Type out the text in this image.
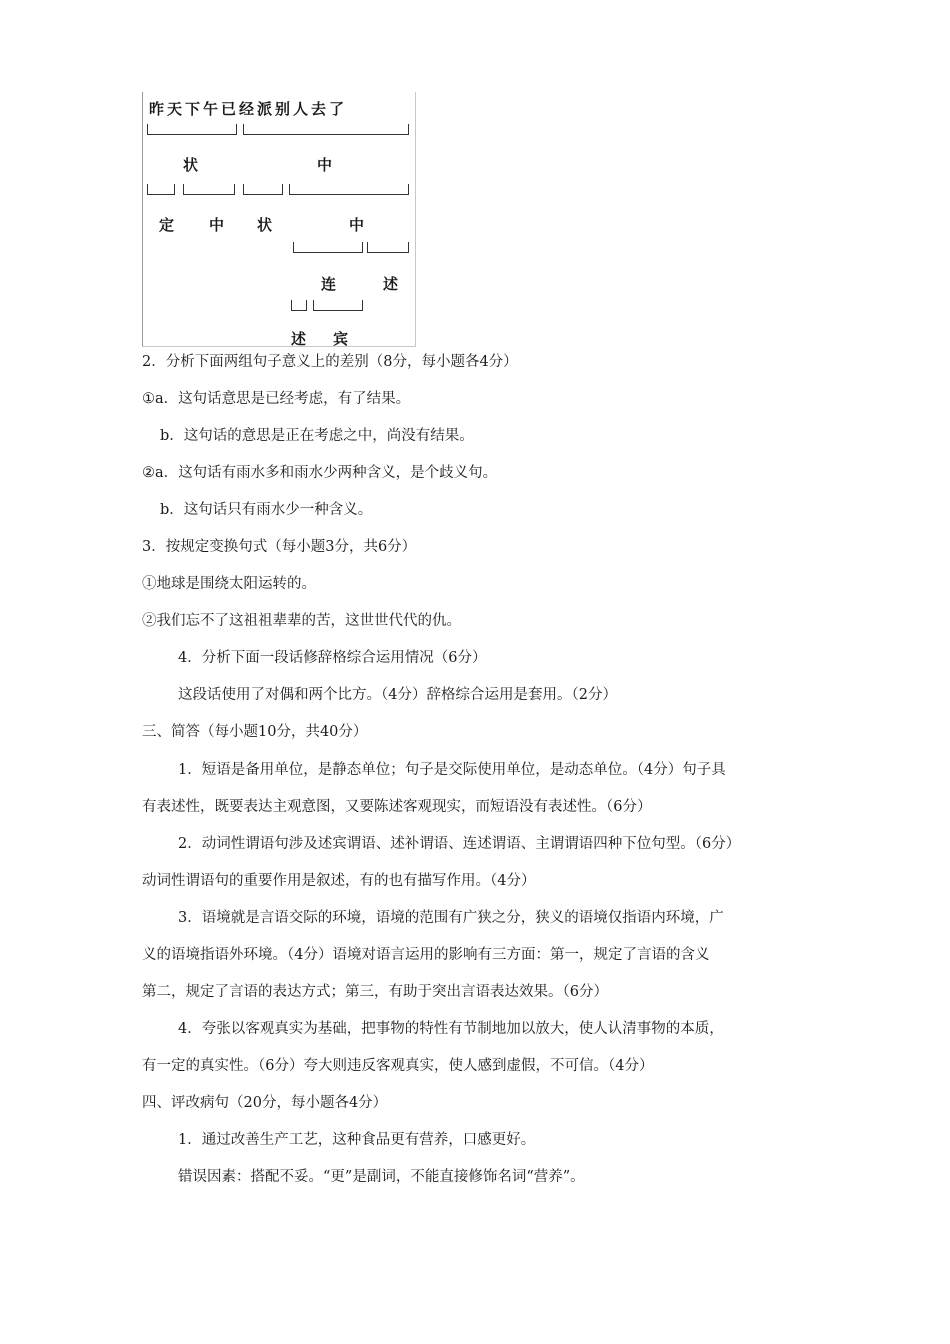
昨天下午已经派别人去了
状	中
定 中 状	中
连	述
述 宾
2．分析下面两组句子意义上的差别（8分，每小题各4分）
①a．这句话意思是已经考虑，有了结果。
b．这句话的意思是正在考虑之中，尚没有结果。
②a．这句话有雨水多和雨水少两种含义，是个歧义句。
b．这句话只有雨水少一种含义。
3．按规定变换句式（每小题3分，共6分）
①地球是围绕太阳运转的。
②我们忘不了这祖祖辈辈的苦，这世世代代的仇。
4．分析下面一段话修辞格综合运用情况（6分）
这段话使用了对偶和两个比方。（4分）辞格综合运用是套用。（2分）
三、简答（每小题10分，共40分）
1．短语是备用单位，是静态单位；句子是交际使用单位，是动态单位。（4分）句子具
有表述性，既要表达主观意图，又要陈述客观现实，而短语没有表述性。（6分）
2．动词性谓语句涉及述宾谓语、述补谓语、连述谓语、主谓谓语四种下位句型。（6分）
动词性谓语句的重要作用是叙述，有的也有描写作用。（4分）
3．语境就是言语交际的环境，语境的范围有广狭之分，狭义的语境仅指语内环境，广
义的语境指语外环境。（4分）语境对语言运用的影响有三方面：第一，规定了言语的含义
第二，规定了言语的表达方式；第三，有助于突出言语表达效果。（6分）
4．夸张以客观真实为基础，把事物的特性有节制地加以放大，使人认清事物的本质，
有一定的真实性。（6分）夸大则违反客观真实，使人感到虚假，不可信。（4分）
四、评改病句（20分，每小题各4分）
1．通过改善生产工艺，这种食品更有营养，口感更好。
错误因素：搭配不妥。“更”是副词，不能直接修饰名词“营养”。
